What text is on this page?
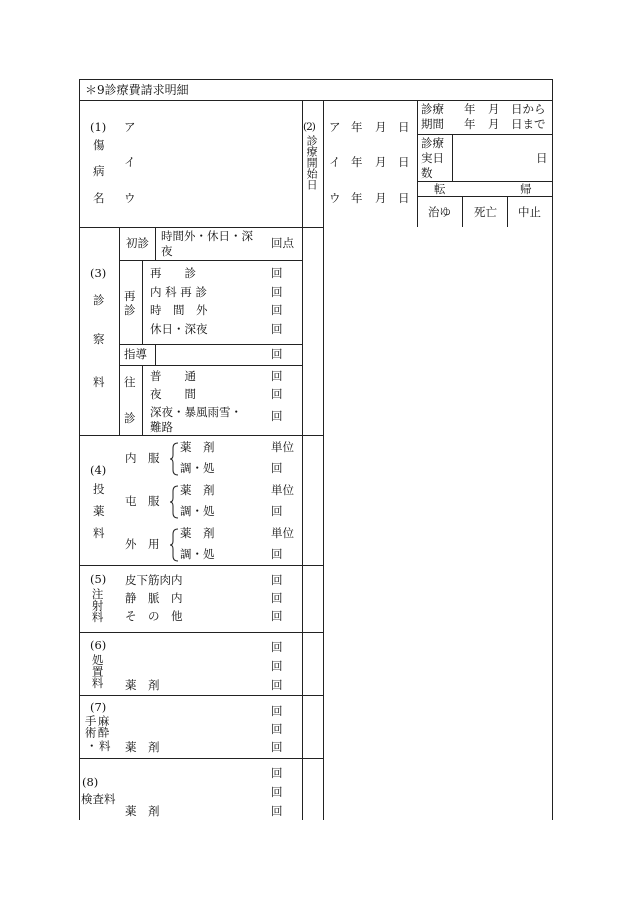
＊9診療費請求明細
(1)
傷
病
名
ア
イ
ウ
(2)
診療開始日
ア 年 月 日
イ 年 月 日
ウ 年 月 日
診療
期間
年 月 日から
年 月 日まで
診療
実日
数
日
転	帰
治ゆ 死亡 中止
(3)
診
察
料
初診 時間外・休日・深
夜
回点
再
診
再　　診	回
内 科 再 診	回
時　間　外	回
休日・深夜	回
指導	回
往
診
普　　通	回
夜　　間	回
深夜・暴風雨雪・
難路
回
(4)
投
薬
料
内　服
薬　剤	単位
調・処	回
屯　服
薬　剤	単位
調・処	回
外　用
薬　剤	単位
調・処	回
(5)
注射料
皮下筋肉内	回
静　脈　内	回
そ　の　他	回
(6)
処置料
回
回
薬　剤	回
(7)
麻酔
手術
・ 料
回
回
薬　剤	回
(8)
検査料
回
回
薬　剤	回
